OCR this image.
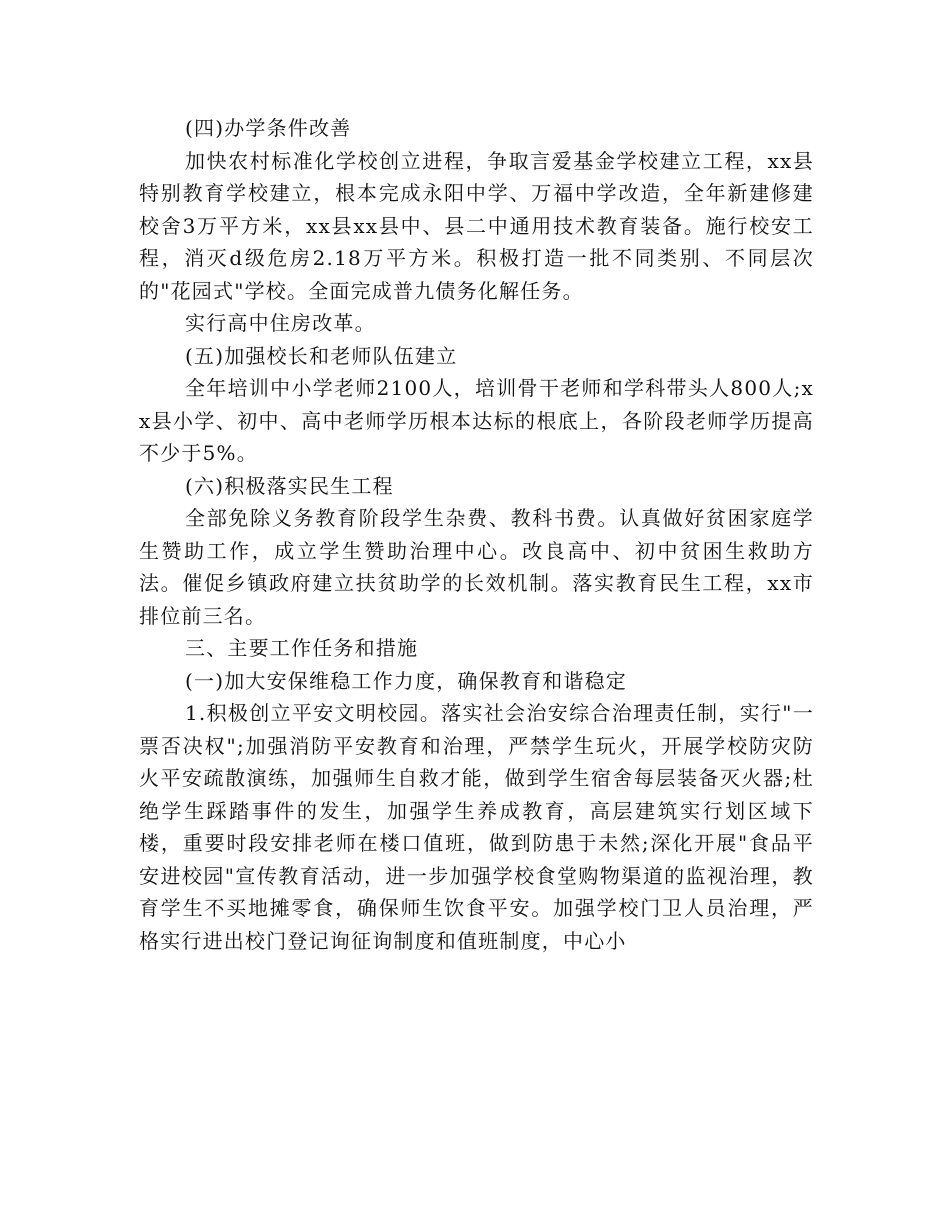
(四)办学条件改善

加快农村标准化学校创立进程，争取言爱基金学校建立工程，xx县特别教育学校建立，根本完成永阳中学、万福中学改造，全年新建修建校舍3万平方米，xx县xx县中、县二中通用技术教育装备。施行校安工程，消灭d级危房2.18万平方米。积极打造一批不同类别、不同层次的"花园式"学校。全面完成普九债务化解任务。

实行高中住房改革。

(五)加强校长和老师队伍建立

全年培训中小学老师2100人，培训骨干老师和学科带头人800人;xx县小学、初中、高中老师学历根本达标的根底上，各阶段老师学历提高不少于5%。

(六)积极落实民生工程

全部免除义务教育阶段学生杂费、教科书费。认真做好贫困家庭学生赞助工作，成立学生赞助治理中心。改良高中、初中贫困生救助方法。催促乡镇政府建立扶贫助学的长效机制。落实教育民生工程，xx市排位前三名。

三、主要工作任务和措施

(一)加大安保维稳工作力度，确保教育和谐稳定

1.积极创立平安文明校园。落实社会治安综合治理责任制，实行"一票否决权";加强消防平安教育和治理，严禁学生玩火，开展学校防灾防火平安疏散演练，加强师生自救才能，做到学生宿舍每层装备灭火器;杜绝学生踩踏事件的发生，加强学生养成教育，高层建筑实行划区域下楼，重要时段安排老师在楼口值班，做到防患于未然;深化开展"食品平安进校园"宣传教育活动，进一步加强学校食堂购物渠道的监视治理，教育学生不买地摊零食，确保师生饮食平安。加强学校门卫人员治理，严格实行进出校门登记询征询制度和值班制度，中心小
